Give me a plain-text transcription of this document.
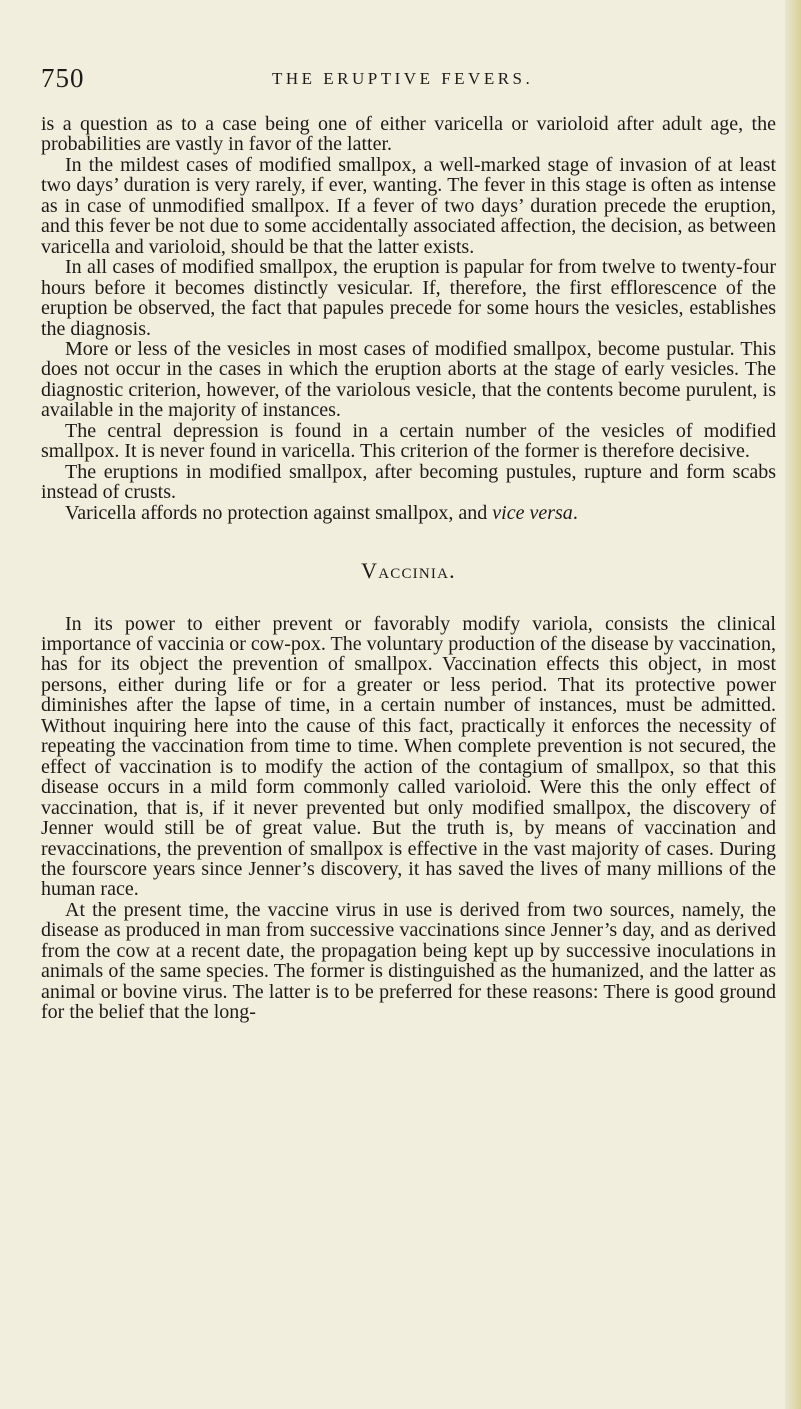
750	THE ERUPTIVE FEVERS.

is a question as to a case being one of either varicella or varioloid after adult age, the probabilities are vastly in favor of the latter.

In the mildest cases of modified smallpox, a well-marked stage of invasion of at least two days’ duration is very rarely, if ever, wanting. The fever in this stage is often as intense as in case of unmodified smallpox. If a fever of two days’ duration precede the eruption, and this fever be not due to some accidentally associated affection, the decision, as between varicella and varioloid, should be that the latter exists.

In all cases of modified smallpox, the eruption is papular for from twelve to twenty-four hours before it becomes distinctly vesicular. If, therefore, the first efflorescence of the eruption be observed, the fact that papules precede for some hours the vesicles, establishes the diagnosis.

More or less of the vesicles in most cases of modified smallpox, become pustular. This does not occur in the cases in which the eruption aborts at the stage of early vesicles. The diagnostic criterion, however, of the variolous vesicle, that the contents become purulent, is available in the majority of instances.

The central depression is found in a certain number of the vesicles of modified smallpox. It is never found in varicella. This criterion of the former is therefore decisive.

The eruptions in modified smallpox, after becoming pustules, rupture and form scabs instead of crusts.

Varicella affords no protection against smallpox, and vice versa.

Vaccinia.

In its power to either prevent or favorably modify variola, consists the clinical importance of vaccinia or cow-pox. The voluntary production of the disease by vaccination, has for its object the prevention of smallpox. Vaccination effects this object, in most persons, either during life or for a greater or less period. That its protective power diminishes after the lapse of time, in a certain number of instances, must be admitted. Without inquiring here into the cause of this fact, practically it enforces the necessity of repeating the vaccination from time to time. When complete prevention is not secured, the effect of vaccination is to modify the action of the contagium of smallpox, so that this disease occurs in a mild form commonly called varioloid. Were this the only effect of vaccination, that is, if it never prevented but only modified smallpox, the discovery of Jenner would still be of great value. But the truth is, by means of vaccination and revaccinations, the prevention of smallpox is effective in the vast majority of cases. During the fourscore years since Jenner’s discovery, it has saved the lives of many millions of the human race.

At the present time, the vaccine virus in use is derived from two sources, namely, the disease as produced in man from successive vaccinations since Jenner’s day, and as derived from the cow at a recent date, the propagation being kept up by successive inoculations in animals of the same species. The former is distinguished as the humanized, and the latter as animal or bovine virus. The latter is to be preferred for these reasons: There is good ground for the belief that the long-
